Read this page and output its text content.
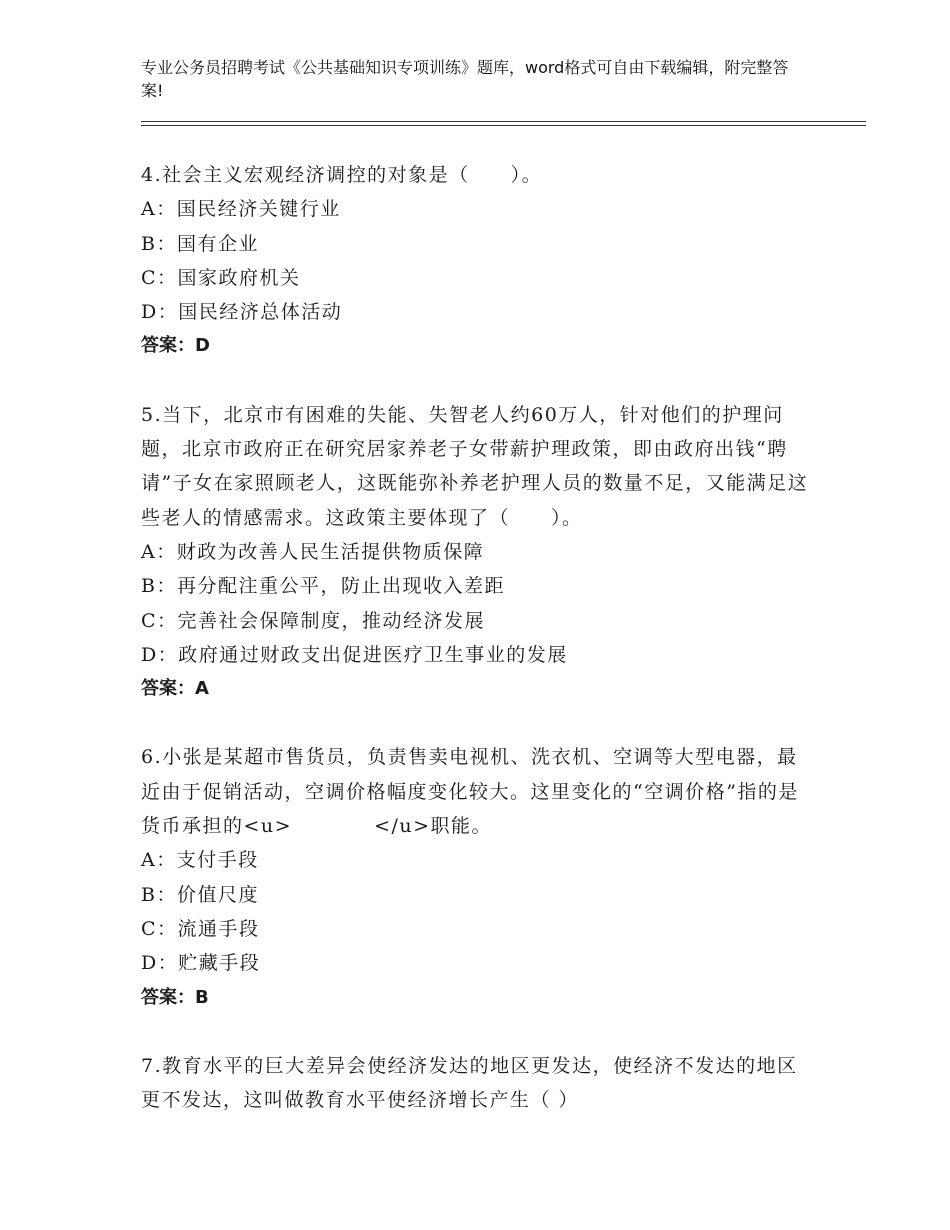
专业公务员招聘考试《公共基础知识专项训练》题库，word格式可自由下载编辑，附完整答案!

4.社会主义宏观经济调控的对象是（　　）。

A：国民经济关键行业

B：国有企业

C：国家政府机关

D：国民经济总体活动

答案：D

5.当下，北京市有困难的失能、失智老人约60万人，针对他们的护理问题，北京市政府正在研究居家养老子女带薪护理政策，即由政府出钱“聘请”子女在家照顾老人，这既能弥补养老护理人员的数量不足，又能满足这些老人的情感需求。这政策主要体现了（　　）。

A：财政为改善人民生活提供物质保障

B：再分配注重公平，防止出现收入差距

C：完善社会保障制度，推动经济发展

D：政府通过财政支出促进医疗卫生事业的发展

答案：A

6.小张是某超市售货员，负责售卖电视机、洗衣机、空调等大型电器，最近由于促销活动，空调价格幅度变化较大。这里变化的“空调价格”指的是货币承担的<u>　　　　</u>职能。

A：支付手段

B：价值尺度

C：流通手段

D：贮藏手段

答案：B

7.教育水平的巨大差异会使经济发达的地区更发达，使经济不发达的地区更不发达，这叫做教育水平使经济增长产生（ ）
